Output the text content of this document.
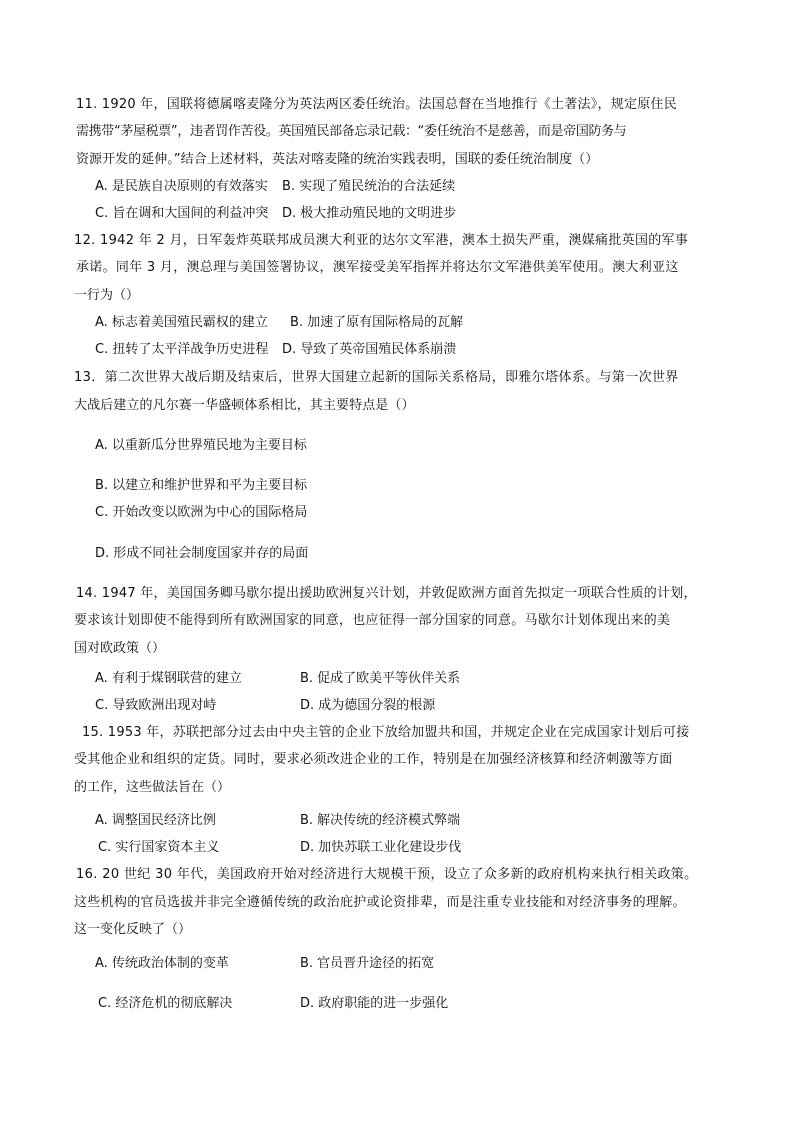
11. 1920 年，国联将德属喀麦隆分为英法两区委任统治。法国总督在当地推行《土著法》，规定原住民
需携带“茅屋税票”，违者罚作苦役。英国殖民部备忘录记载：“委任统治不是慈善，而是帝国防务与
资源开发的延伸。”结合上述材料，英法对喀麦隆的统治实践表明，国联的委任统治制度（）
A. 是民族自决原则的有效落实 B. 实现了殖民统治的合法延续
C. 旨在调和大国间的利益冲突 D. 极大推动殖民地的文明进步
12. 1942 年 2 月，日军轰炸英联邦成员澳大利亚的达尔文军港，澳本土损失严重，澳媒痛批英国的军事
承诺。同年 3 月，澳总理与美国签署协议，澳军接受美军指挥并将达尔文军港供美军使用。澳大利亚这
一行为（）
A. 标志着美国殖民霸权的建立 B. 加速了原有国际格局的瓦解
C. 扭转了太平洋战争历史进程 D. 导致了英帝国殖民体系崩溃
13．第二次世界大战后期及结束后，世界大国建立起新的国际关系格局，即雅尔塔体系。与第一次世界
大战后建立的凡尔赛一华盛顿体系相比，其主要特点是（）
A. 以重新瓜分世界殖民地为主要目标
B. 以建立和维护世界和平为主要目标
C. 开始改变以欧洲为中心的国际格局
D. 形成不同社会制度国家并存的局面
14. 1947 年，美国国务卿马歇尔提出援助欧洲复兴计划，并敦促欧洲方面首先拟定一项联合性质的计划，
要求该计划即使不能得到所有欧洲国家的同意，也应征得一部分国家的同意。马歇尔计划体现出来的美
国对欧政策（）
A. 有利于煤钢联营的建立	B. 促成了欧美平等伙伴关系
C. 导致欧洲出现对峙	D. 成为德国分裂的根源
15. 1953 年，苏联把部分过去由中央主管的企业下放给加盟共和国，并规定企业在完成国家计划后可接
受其他企业和组织的定货。同时，要求必须改进企业的工作，特别是在加强经济核算和经济刺激等方面
的工作，这些做法旨在（）
A. 调整国民经济比例	B. 解决传统的经济模式弊端
C. 实行国家资本主义	D. 加快苏联工业化建设步伐
16. 20 世纪 30 年代，美国政府开始对经济进行大规模干预，设立了众多新的政府机构来执行相关政策。
这些机构的官员选拔并非完全遵循传统的政治庇护或论资排辈，而是注重专业技能和对经济事务的理解。
这一变化反映了（）
A. 传统政治体制的变革	B. 官员晋升途径的拓宽
C. 经济危机的彻底解决	D. 政府职能的进一步强化
